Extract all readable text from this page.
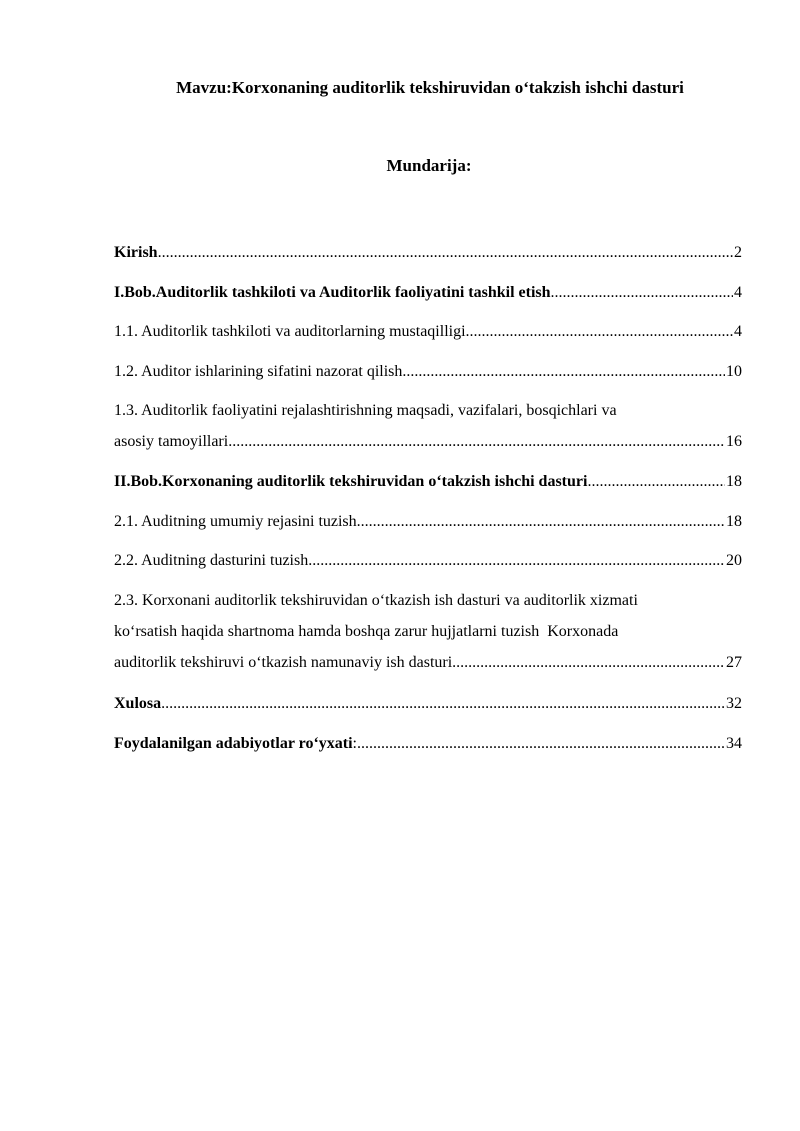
Mavzu:Korxonaning auditorlik tekshiruvidan o‘takzish ishchi dasturi
Mundarija:
Kirish .....	2
I.Bob.Auditorlik tashkiloti va Auditorlik faoliyatini tashkil etish .....	4
1.1. Auditorlik tashkiloti va auditorlarning mustaqilligi .....	4
1.2. Auditor ishlarining sifatini nazorat qilish .....	10
1.3. Auditorlik faoliyatini rejalashtirishning maqsadi, vazifalari, bosqichlari va
asosiy tamoyillari .....	16
II.Bob.Korxonaning auditorlik tekshiruvidan o‘takzish ishchi dasturi .....	18
2.1. Auditning umumiy rejasini tuzish .....	18
2.2. Auditning dasturini tuzish .....	20
2.3. Korxonani auditorlik tekshiruvidan o‘tkazish ish dasturi va auditorlik xizmati
ko‘rsatish haqida shartnoma hamda boshqa zarur hujjatlarni tuzish  Korxonada
auditorlik tekshiruvi o‘tkazish namunaviy ish dasturi .....	27
Xulosa .....	32
Foydalanilgan adabiyotlar ro‘yxati : .....	34
